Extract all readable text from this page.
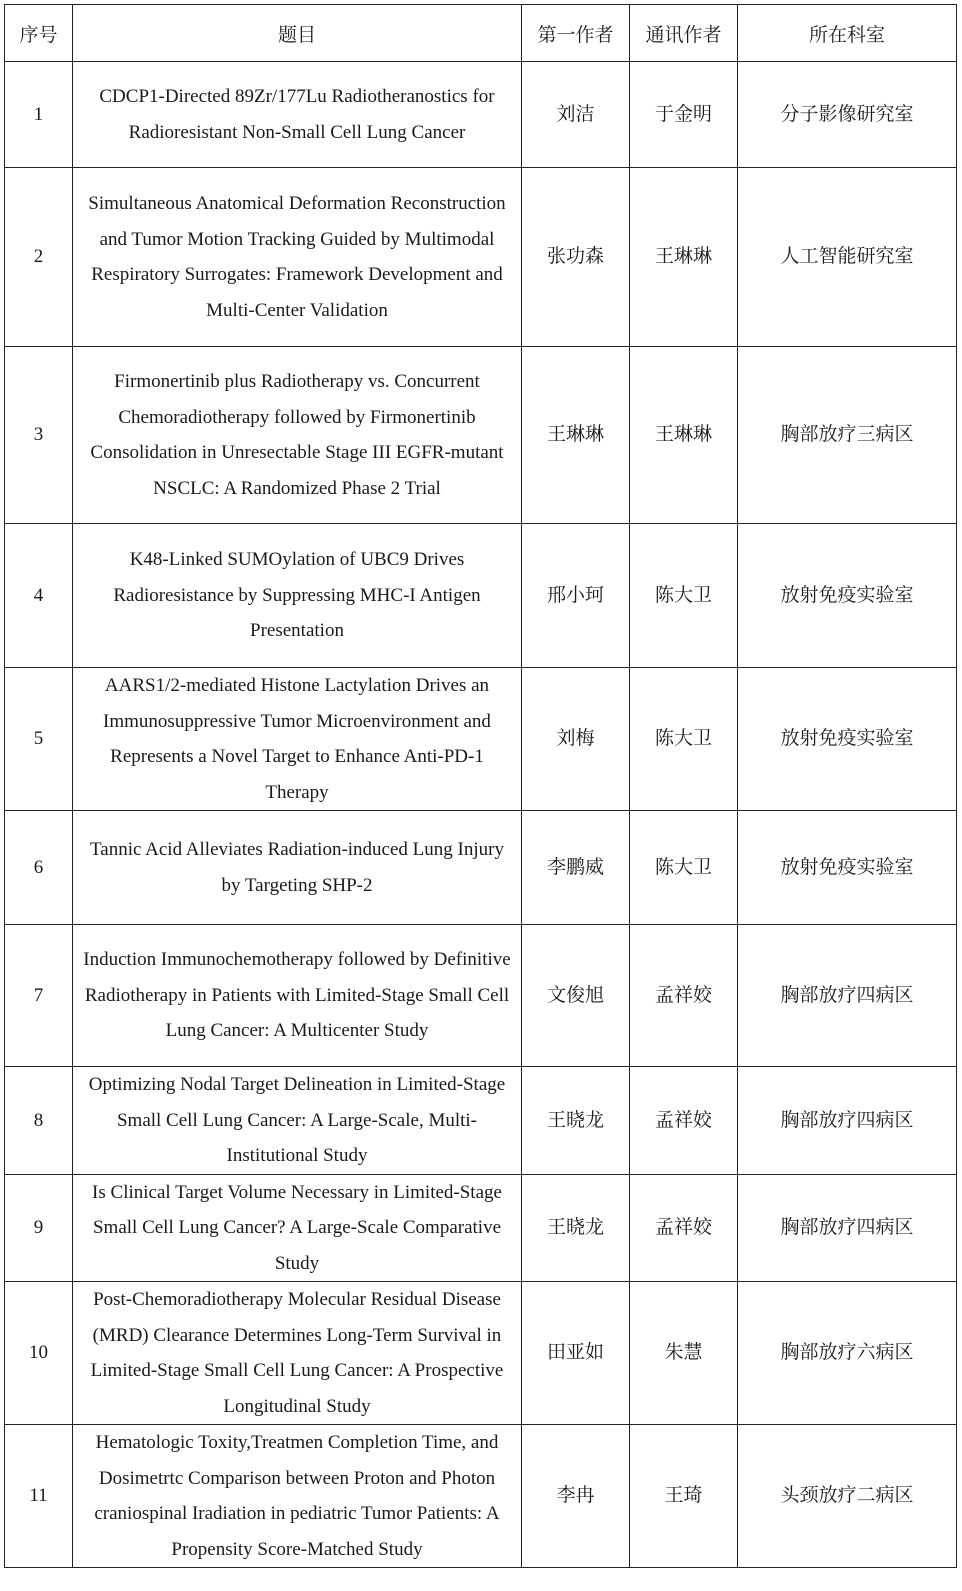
序号	题目	第一作者	通讯作者	所在科室
1	CDCP1-Directed 89Zr/177Lu Radiotheranostics for Radioresistant Non-Small Cell Lung Cancer	刘洁	于金明	分子影像研究室
2	Simultaneous Anatomical Deformation Reconstruction and Tumor Motion Tracking Guided by Multimodal Respiratory Surrogates: Framework Development and Multi-Center Validation	张功森	王琳琳	人工智能研究室
3	Firmonertinib plus Radiotherapy vs. Concurrent Chemoradiotherapy followed by Firmonertinib Consolidation in Unresectable Stage III EGFR-mutant NSCLC: A Randomized Phase 2 Trial	王琳琳	王琳琳	胸部放疗三病区
4	K48-Linked SUMOylation of UBC9 Drives Radioresistance by Suppressing MHC-I Antigen Presentation	邢小珂	陈大卫	放射免疫实验室
5	AARS1/2-mediated Histone Lactylation Drives an Immunosuppressive Tumor Microenvironment and Represents a Novel Target to Enhance Anti-PD-1 Therapy	刘梅	陈大卫	放射免疫实验室
6	Tannic Acid Alleviates Radiation-induced Lung Injury by Targeting SHP-2	李鹏威	陈大卫	放射免疫实验室
7	Induction Immunochemotherapy followed by Definitive Radiotherapy in Patients with Limited-Stage Small Cell Lung Cancer: A Multicenter Study	文俊旭	孟祥姣	胸部放疗四病区
8	Optimizing Nodal Target Delineation in Limited-Stage Small Cell Lung Cancer: A Large-Scale, Multi-Institutional Study	王晓龙	孟祥姣	胸部放疗四病区
9	Is Clinical Target Volume Necessary in Limited-Stage Small Cell Lung Cancer? A Large-Scale Comparative Study	王晓龙	孟祥姣	胸部放疗四病区
10	Post-Chemoradiotherapy Molecular Residual Disease (MRD) Clearance Determines Long-Term Survival in Limited-Stage Small Cell Lung Cancer: A Prospective Longitudinal Study	田亚如	朱慧	胸部放疗六病区
11	Hematologic Toxity,Treatmen Completion Time, and Dosimetrtc Comparison between Proton and Photon craniospinal Iradiation in pediatric Tumor Patients: A Propensity Score-Matched Study	李冉	王琦	头颈放疗二病区
